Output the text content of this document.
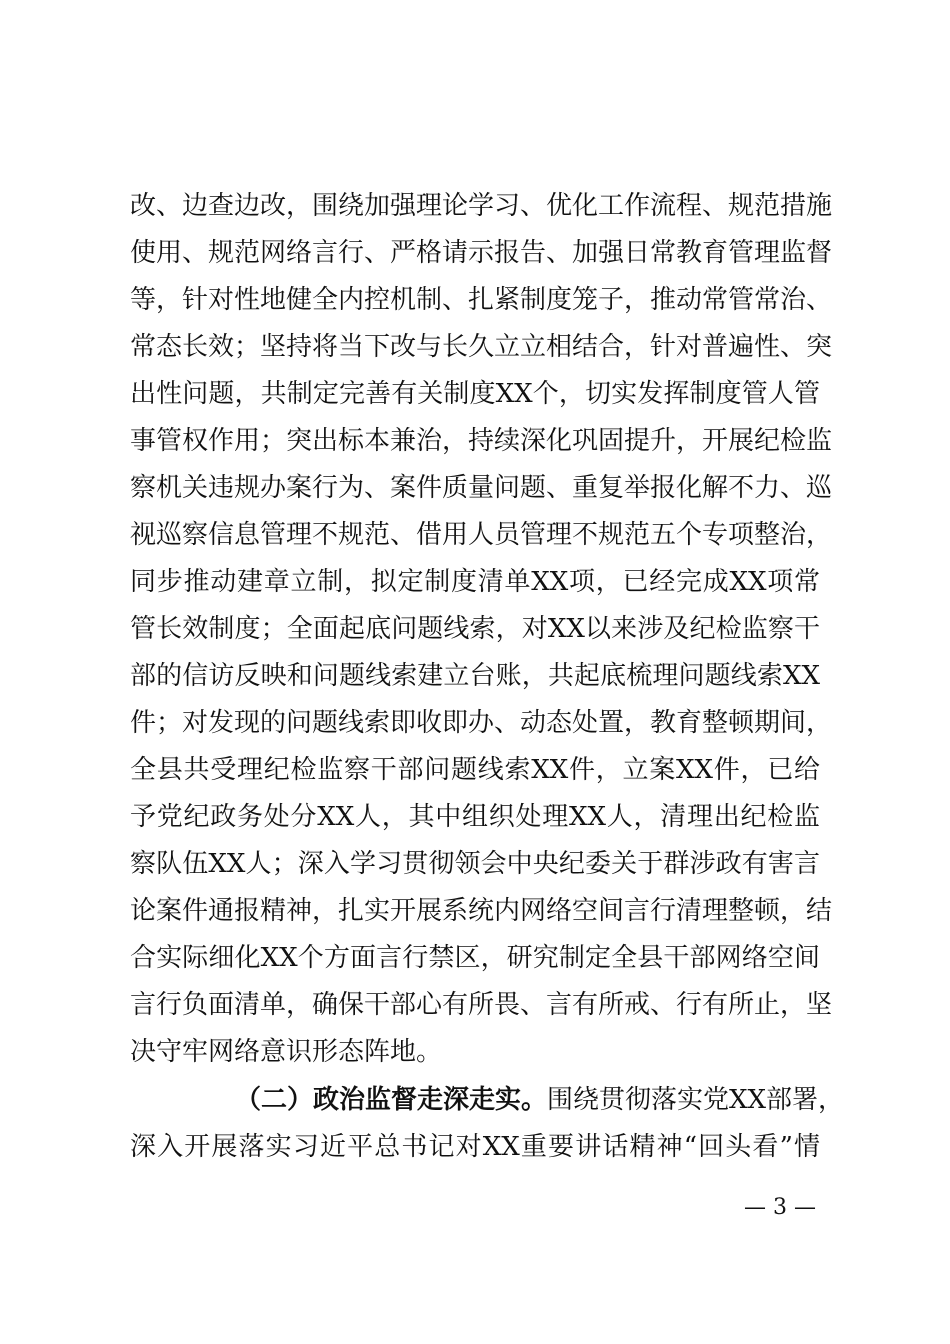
改、边查边改，围绕加强理论学习、优化工作流程、规范措施
使用、规范网络言行、严格请示报告、加强日常教育管理监督
等，针对性地健全内控机制、扎紧制度笼子，推动常管常治、
常态长效；坚持将当下改与长久立立相结合，针对普遍性、突
出性问题，共制定完善有关制度XX个，切实发挥制度管人管
事管权作用；突出标本兼治，持续深化巩固提升，开展纪检监
察机关违规办案行为、案件质量问题、重复举报化解不力、巡
视巡察信息管理不规范、借用人员管理不规范五个专项整治，
同步推动建章立制，拟定制度清单XX项，已经完成XX项常
管长效制度；全面起底问题线索，对XX以来涉及纪检监察干
部的信访反映和问题线索建立台账，共起底梳理问题线索XX
件；对发现的问题线索即收即办、动态处置，教育整顿期间，
全县共受理纪检监察干部问题线索XX件，立案XX件，已给
予党纪政务处分XX人，其中组织处理XX人，清理出纪检监
察队伍XX人；深入学习贯彻领会中央纪委关于群涉政有害言
论案件通报精神，扎实开展系统内网络空间言行清理整顿，结
合实际细化XX个方面言行禁区，研究制定全县干部网络空间
言行负面清单，确保干部心有所畏、言有所戒、行有所止，坚
决守牢网络意识形态阵地。
（二）政治监督走深走实。围绕贯彻落实党XX部署，
深入开展落实习近平总书记对XX重要讲话精神“回头看”情
— 3 —
